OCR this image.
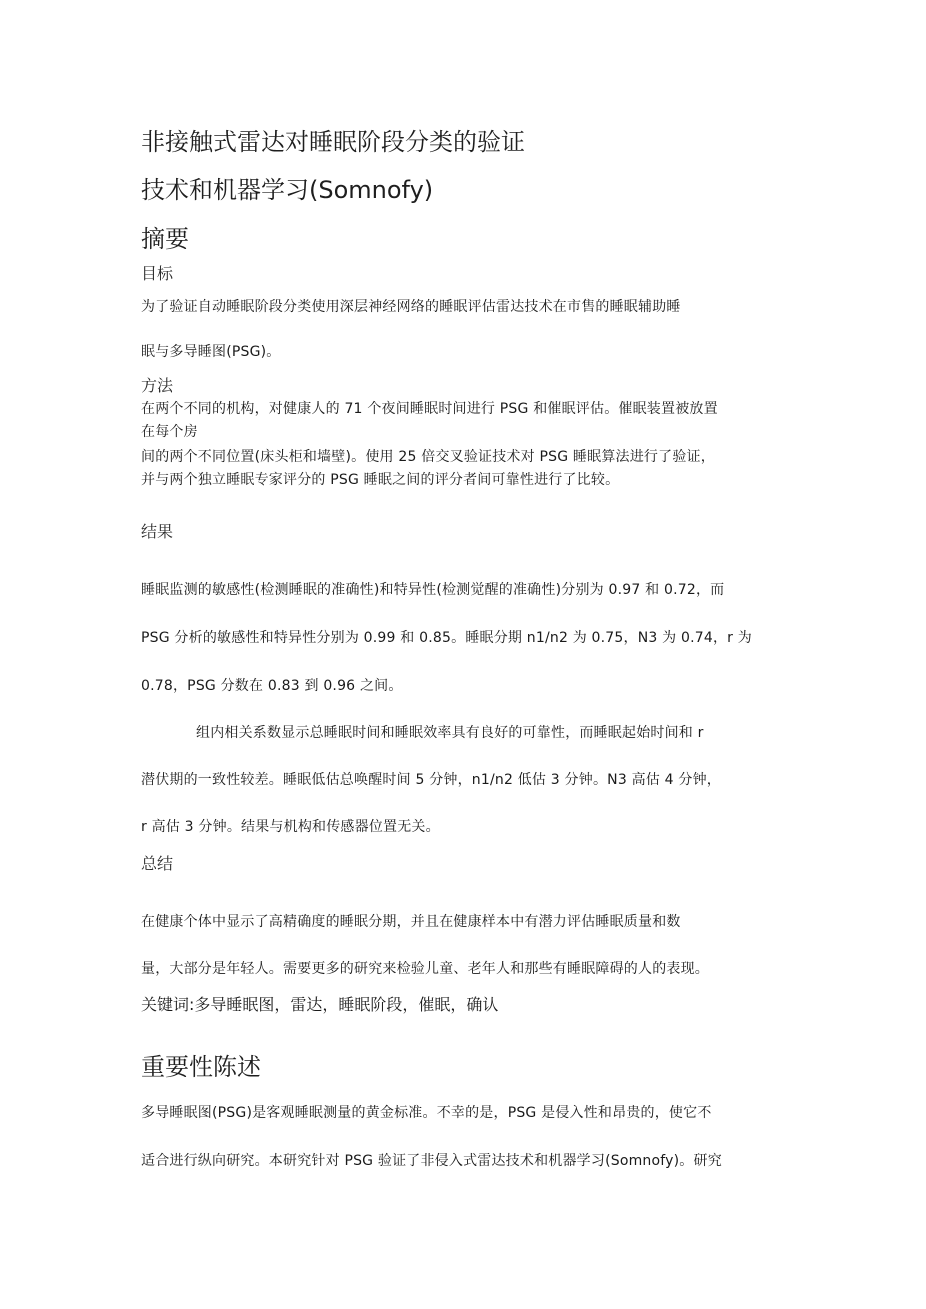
非接触式雷达对睡眠阶段分类的验证
技术和机器学习(Somnofy)
摘要
目标
为了验证自动睡眠阶段分类使用深层神经网络的睡眠评估雷达技术在市售的睡眠辅助睡
眠与多导睡图(PSG)。
方法
在两个不同的机构，对健康人的 71 个夜间睡眠时间进行 PSG 和催眠评估。催眠装置被放置
在每个房
间的两个不同位置(床头柜和墙壁)。使用 25 倍交叉验证技术对 PSG 睡眠算法进行了验证，
并与两个独立睡眠专家评分的 PSG 睡眠之间的评分者间可靠性进行了比较。
结果
睡眠监测的敏感性(检测睡眠的准确性)和特异性(检测觉醒的准确性)分别为 0.97 和 0.72，而
PSG 分析的敏感性和特异性分别为 0.99 和 0.85。睡眠分期 n1/n2 为 0.75，N3 为 0.74，r 为
0.78，PSG 分数在 0.83 到 0.96 之间。
组内相关系数显示总睡眠时间和睡眠效率具有良好的可靠性，而睡眠起始时间和 r
潜伏期的一致性较差。睡眠低估总唤醒时间 5 分钟，n1/n2 低估 3 分钟。N3 高估 4 分钟，
r 高估 3 分钟。结果与机构和传感器位置无关。
总结
在健康个体中显示了高精确度的睡眠分期，并且在健康样本中有潜力评估睡眠质量和数
量，大部分是年轻人。需要更多的研究来检验儿童、老年人和那些有睡眠障碍的人的表现。
关键词:多导睡眠图，雷达，睡眠阶段，催眠，确认
重要性陈述
多导睡眠图(PSG)是客观睡眠测量的黄金标准。不幸的是，PSG 是侵入性和昂贵的，使它不
适合进行纵向研究。本研究针对 PSG 验证了非侵入式雷达技术和机器学习(Somnofy)。研究
